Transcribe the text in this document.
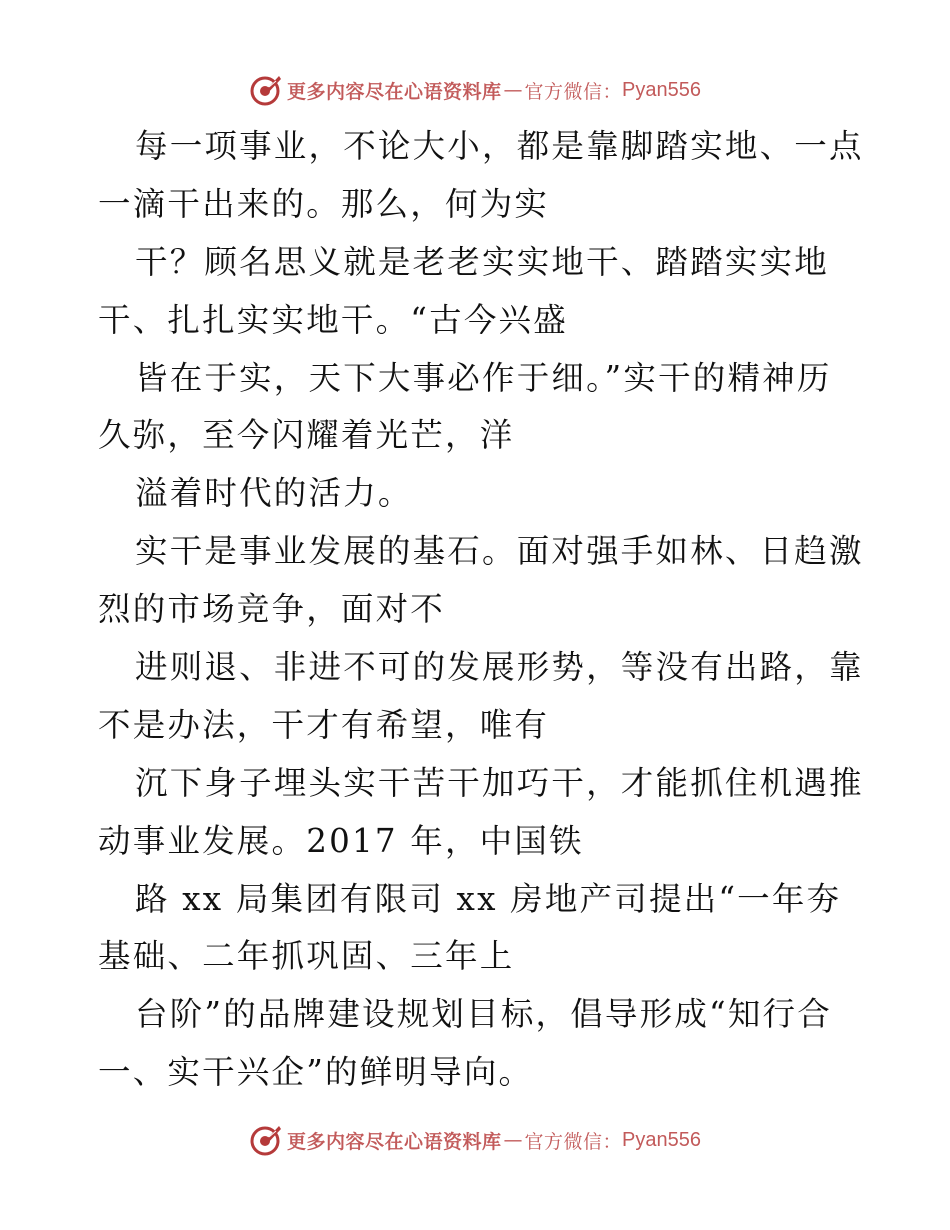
更多内容尽在心语资料库 — 官方微信： Pyan556
每一项事业，不论大小，都是靠脚踏实地、一点
一滴干出来的。那么，何为实
干？顾名思义就是老老实实地干、踏踏实实地
干、扎扎实实地干。“古今兴盛
皆在于实，天下大事必作于细。”实干的精神历
久弥，至今闪耀着光芒，洋
溢着时代的活力。
实干是事业发展的基石。面对强手如林、日趋激
烈的市场竞争，面对不
进则退、非进不可的发展形势，等没有出路，靠
不是办法，干才有希望，唯有
沉下身子埋头实干苦干加巧干，才能抓住机遇推
动事业发展。2017 年，中国铁
路 xx 局集团有限司 xx 房地产司提出“一年夯
基础、二年抓巩固、三年上
台阶”的品牌建设规划目标，倡导形成“知行合
一、实干兴企”的鲜明导向。
更多内容尽在心语资料库 — 官方微信： Pyan556
